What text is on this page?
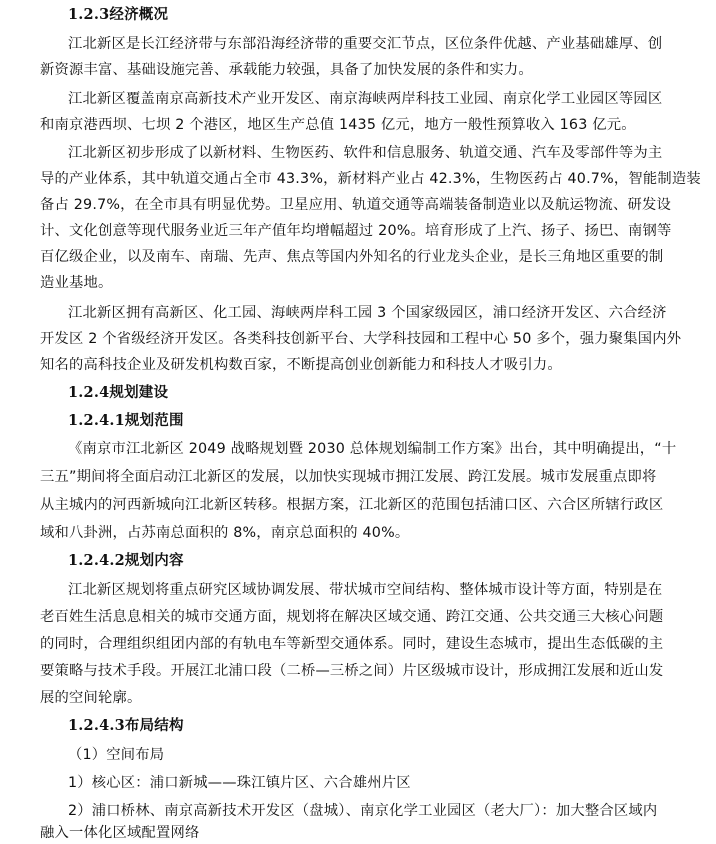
1.2.3经济概况
江北新区是长江经济带与东部沿海经济带的重要交汇节点，区位条件优越、产业基础雄厚、创
新资源丰富、基础设施完善、承载能力较强，具备了加快发展的条件和实力。
江北新区覆盖南京高新技术产业开发区、南京海峡两岸科技工业园、南京化学工业园区等园区
和南京港西坝、七坝 2 个港区，地区生产总值 1435 亿元，地方一般性预算收入 163 亿元。
江北新区初步形成了以新材料、生物医药、软件和信息服务、轨道交通、汽车及零部件等为主
导的产业体系，其中轨道交通占全市 43.3%，新材料产业占 42.3%，生物医药占 40.7%，智能制造装
备占 29.7%，在全市具有明显优势。卫星应用、轨道交通等高端装备制造业以及航运物流、研发设
计、文化创意等现代服务业近三年产值年均增幅超过 20%。培育形成了上汽、扬子、扬巴、南钢等
百亿级企业，以及南车、南瑞、先声、焦点等国内外知名的行业龙头企业，是长三角地区重要的制
造业基地。
江北新区拥有高新区、化工园、海峡两岸科工园 3 个国家级园区，浦口经济开发区、六合经济
开发区 2 个省级经济开发区。各类科技创新平台、大学科技园和工程中心 50 多个，强力聚集国内外
知名的高科技企业及研发机构数百家，不断提高创业创新能力和科技人才吸引力。
1.2.4规划建设
1.2.4.1规划范围
《南京市江北新区 2049 战略规划暨 2030 总体规划编制工作方案》出台，其中明确提出，“十
三五”期间将全面启动江北新区的发展，以加快实现城市拥江发展、跨江发展。城市发展重点即将
从主城内的河西新城向江北新区转移。根据方案，江北新区的范围包括浦口区、六合区所辖行政区
域和八卦洲，占苏南总面积的 8%，南京总面积的 40%。
1.2.4.2规划内容
江北新区规划将重点研究区域协调发展、带状城市空间结构、整体城市设计等方面，特别是在
老百姓生活息息相关的城市交通方面，规划将在解决区域交通、跨江交通、公共交通三大核心问题
的同时，合理组织组团内部的有轨电车等新型交通体系。同时，建设生态城市，提出生态低碳的主
要策略与技术手段。开展江北浦口段（二桥—三桥之间）片区级城市设计，形成拥江发展和近山发
展的空间轮廓。
1.2.4.3布局结构
（1）空间布局
1）核心区：浦口新城——珠江镇片区、六合雄州片区
2）浦口桥林、南京高新技术开发区（盘城）、南京化学工业园区（老大厂）：加大整合区域内
融入一体化区域配置网络
